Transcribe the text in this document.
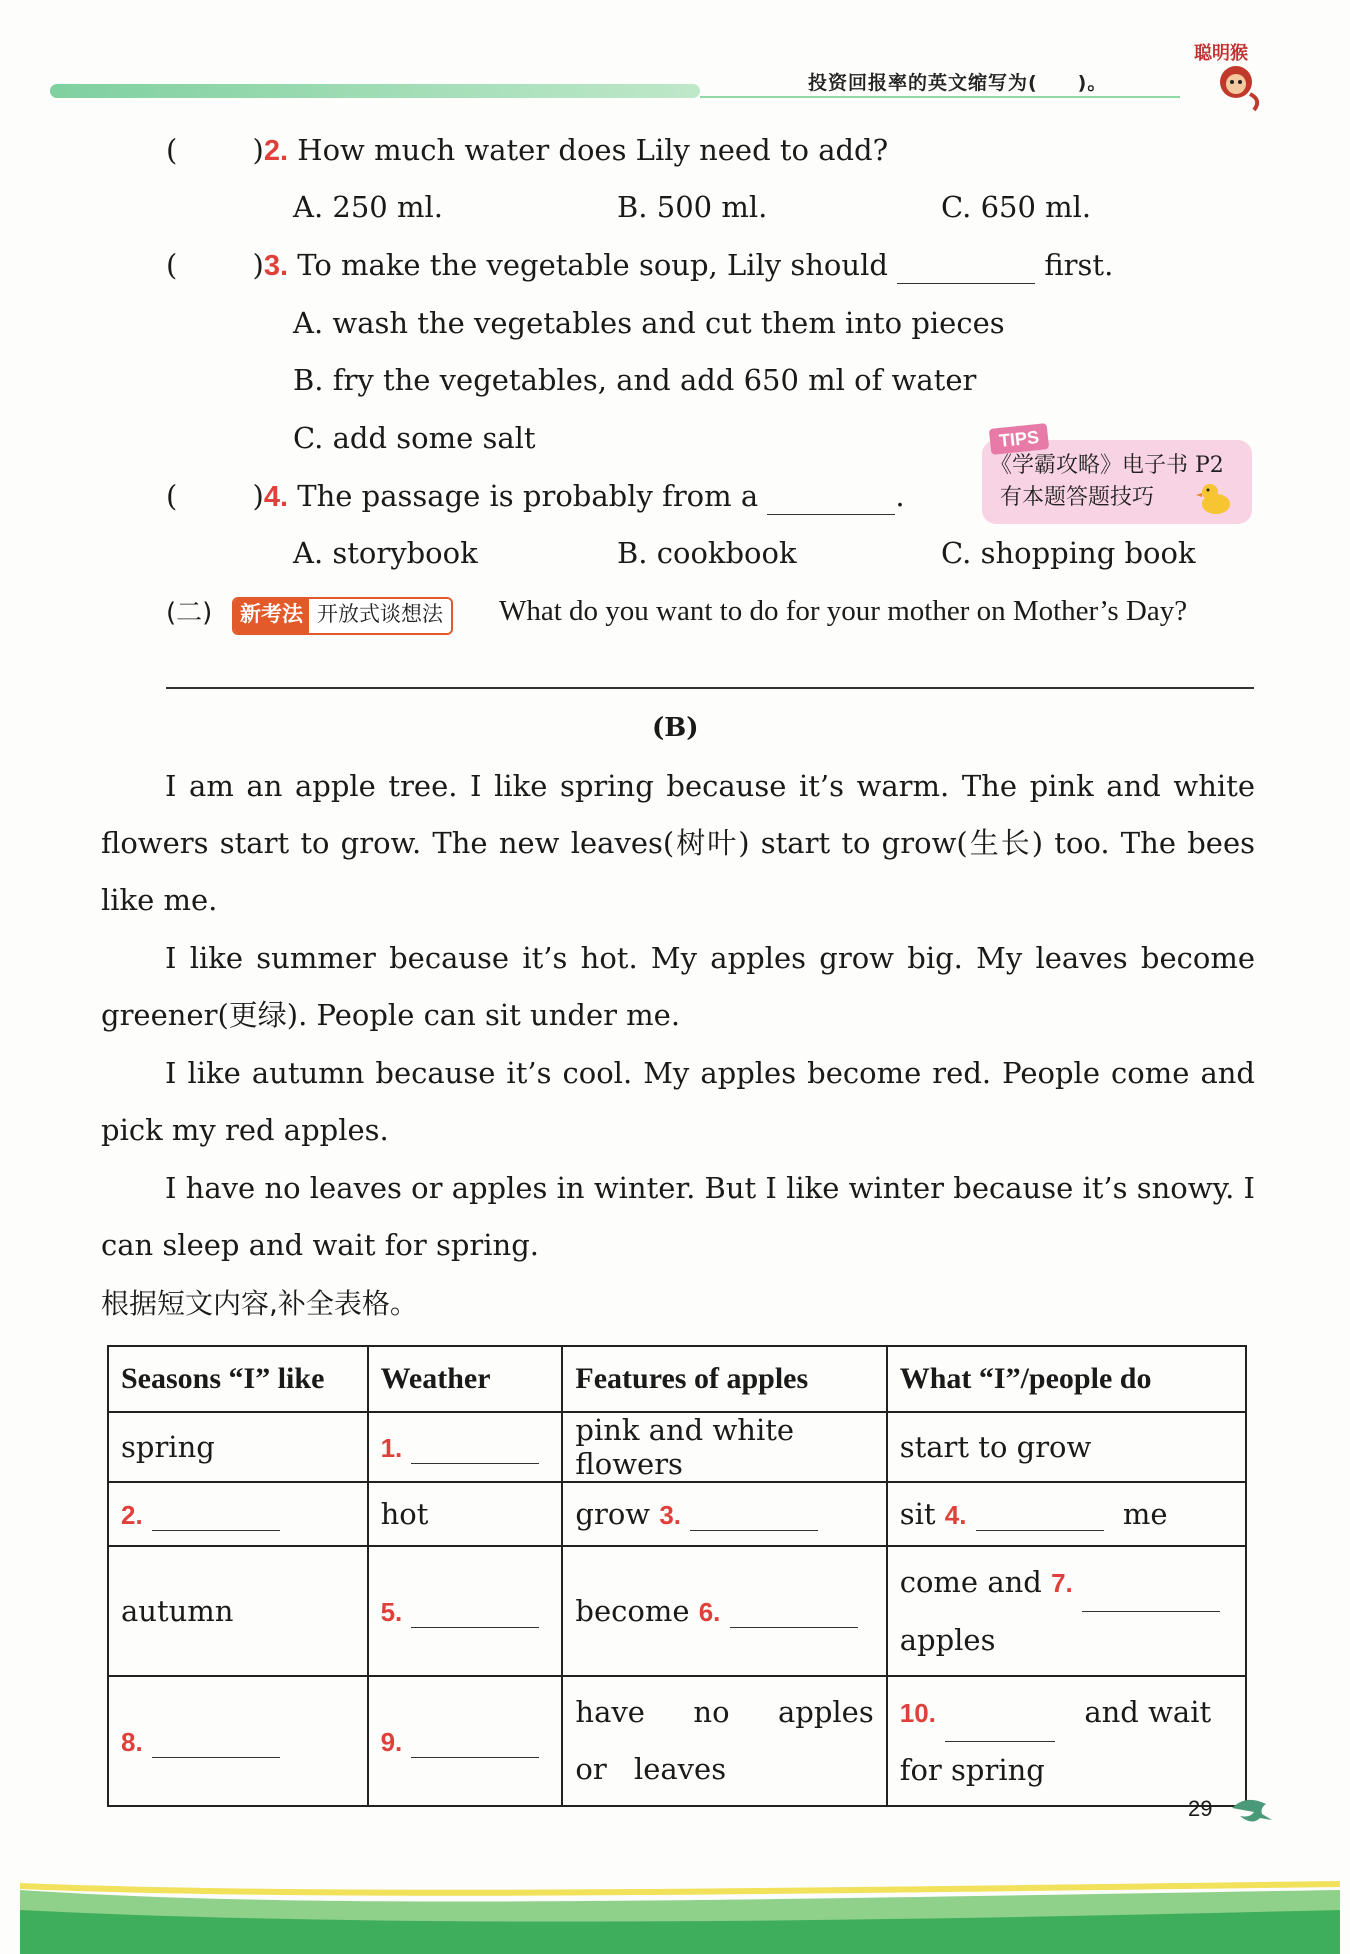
投资回报率的英文缩写为(　　)。
聪明猴
(	)2. How much water does Lily need to add?
A. 250 ml.	B. 500 ml.	C. 650 ml.
(	)3. To make the vegetable soup, Lily should	first.
A. wash the vegetables and cut them into pieces
B. fry the vegetables, and add 650 ml of water
C. add some salt
《学霸攻略》电子书 P2
有本题答题技巧
TIPS
(	)4. The passage is probably from a	.
A. storybook	B. cookbook	C. shopping book
(二) 新考法 开放式谈想法 What do you want to do for your mother on Mother’s Day?
(B)
I am an apple tree. I like spring because it’s warm. The pink and white flowers start to grow. The new leaves(树叶) start to grow(生长) too. The bees like me.
I like summer because it’s hot. My apples grow big. My leaves become greener(更绿). People can sit under me.
I like autumn because it’s cool. My apples become red. People come and pick my red apples.
I have no leaves or apples in winter. But I like winter because it’s snowy. I can sleep and wait for spring.
根据短文内容,补全表格。
Seasons “I” like	Weather	Features of apples	What “I”/people do
spring	1.	pink and white flowers	start to grow
2.	hot	grow 3.	sit 4. me
autumn	5.	become 6.	come and 7.
apples
8.	9.	have no apples or leaves	10. and wait
for spring
29
